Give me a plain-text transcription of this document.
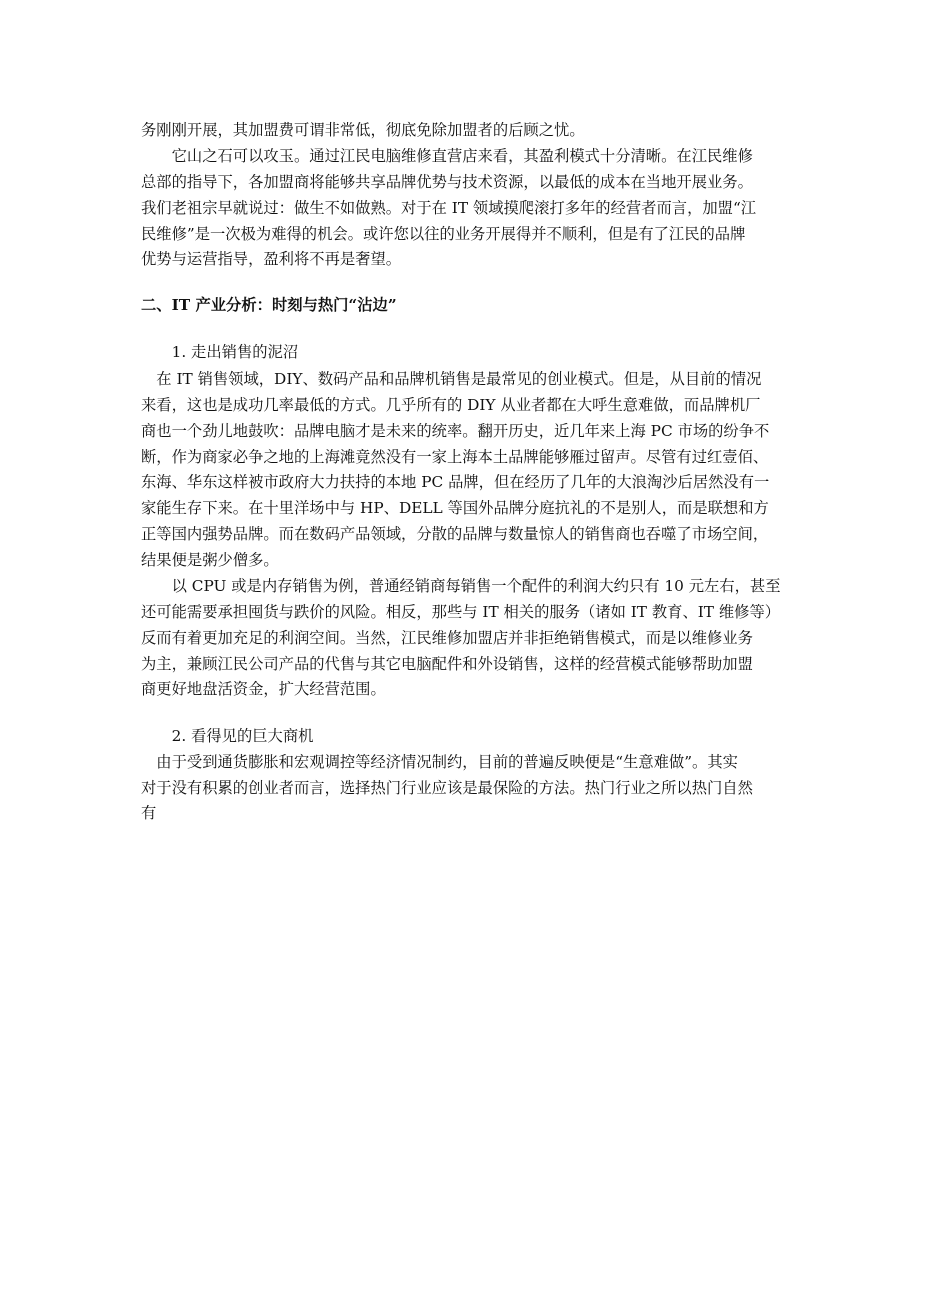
务刚刚开展，其加盟费可谓非常低，彻底免除加盟者的后顾之忧。

　　它山之石可以攻玉。通过江民电脑维修直营店来看，其盈利模式十分清晰。在江民维修

总部的指导下，各加盟商将能够共享品牌优势与技术资源，以最低的成本在当地开展业务。

我们老祖宗早就说过：做生不如做熟。对于在 IT 领域摸爬滚打多年的经营者而言，加盟“江

民维修”是一次极为难得的机会。或许您以往的业务开展得并不顺利，但是有了江民的品牌

优势与运营指导，盈利将不再是奢望。

二、IT 产业分析：时刻与热门“沾边”

　　1. 走出销售的泥沼

　在 IT 销售领域，DIY、数码产品和品牌机销售是最常见的创业模式。但是，从目前的情况

来看，这也是成功几率最低的方式。几乎所有的 DIY 从业者都在大呼生意难做，而品牌机厂

商也一个劲儿地鼓吹：品牌电脑才是未来的统率。翻开历史，近几年来上海 PC 市场的纷争不

断，作为商家必争之地的上海滩竟然没有一家上海本土品牌能够雁过留声。尽管有过红壹佰、

东海、华东这样被市政府大力扶持的本地 PC 品牌，但在经历了几年的大浪淘沙后居然没有一

家能生存下来。在十里洋场中与 HP、DELL 等国外品牌分庭抗礼的不是别人，而是联想和方

正等国内强势品牌。而在数码产品领域，分散的品牌与数量惊人的销售商也吞噬了市场空间，

结果便是粥少僧多。

　　以 CPU 或是内存销售为例，普通经销商每销售一个配件的利润大约只有 10 元左右，甚至

还可能需要承担囤货与跌价的风险。相反，那些与 IT 相关的服务（诸如 IT 教育、IT 维修等）

反而有着更加充足的利润空间。当然，江民维修加盟店并非拒绝销售模式，而是以维修业务

为主，兼顾江民公司产品的代售与其它电脑配件和外设销售，这样的经营模式能够帮助加盟

商更好地盘活资金，扩大经营范围。

　　2. 看得见的巨大商机

　由于受到通货膨胀和宏观调控等经济情况制约，目前的普遍反映便是“生意难做”。其实

对于没有积累的创业者而言，选择热门行业应该是最保险的方法。热门行业之所以热门自然

有
